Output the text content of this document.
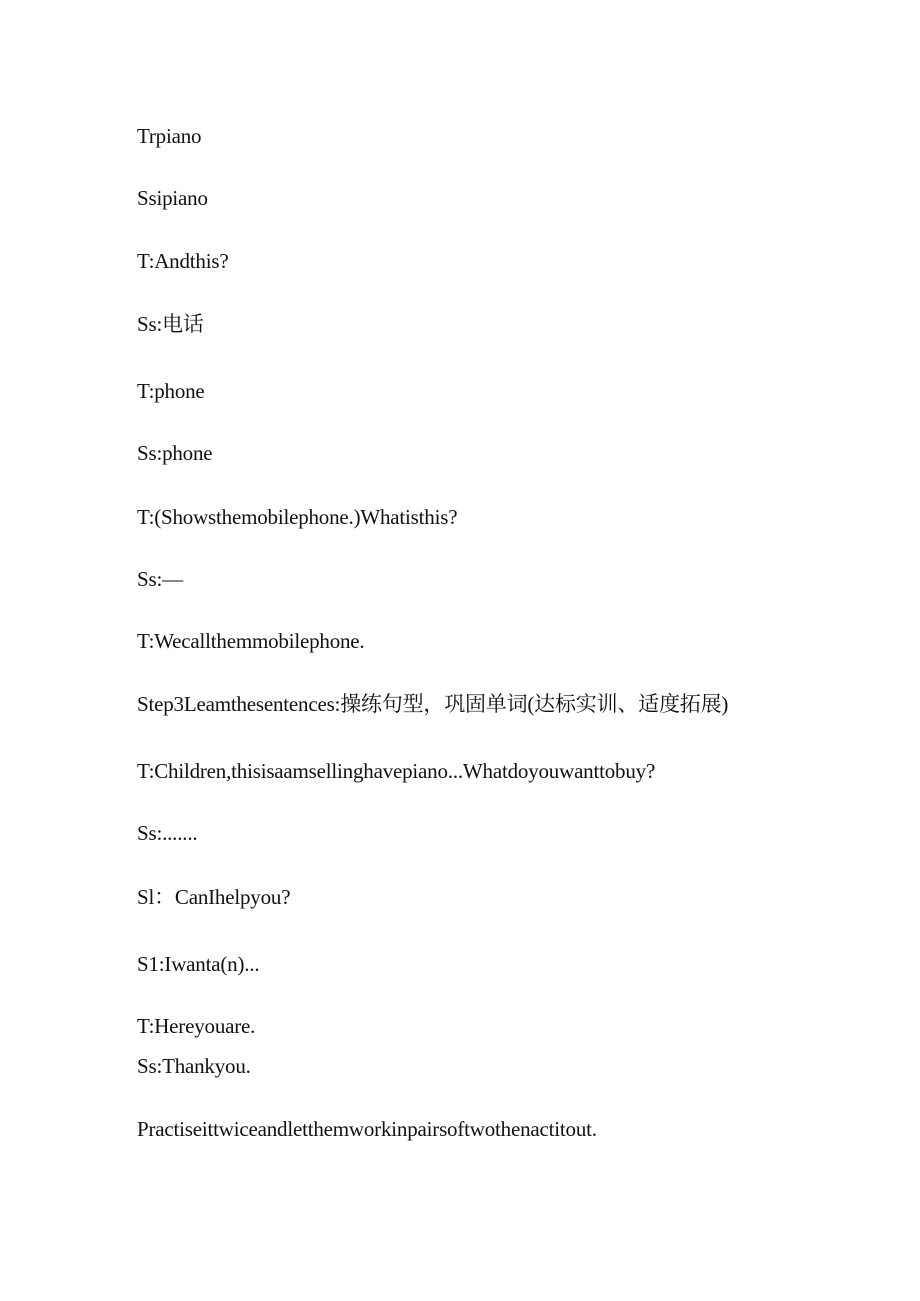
Trpiano
Ssipiano
T:Andthis?
Ss:电话
T:phone
Ss:phone
T:(Showsthemobilephone.)Whatisthis?
Ss:—
T:Wecallthemmobilephone.
Step3Leamthesentences:操练句型，巩固单词(达标实训、适度拓展)
T:Children,thisisaamsellinghavepiano...Whatdoyouwanttobuy?
Ss:.......
Sl：CanIhelpyou?
S1:Iwanta(n)...
T:Hereyouare.
Ss:Thankyou.
Practiseittwiceandletthemworkinpairsoftwothenactitout.
